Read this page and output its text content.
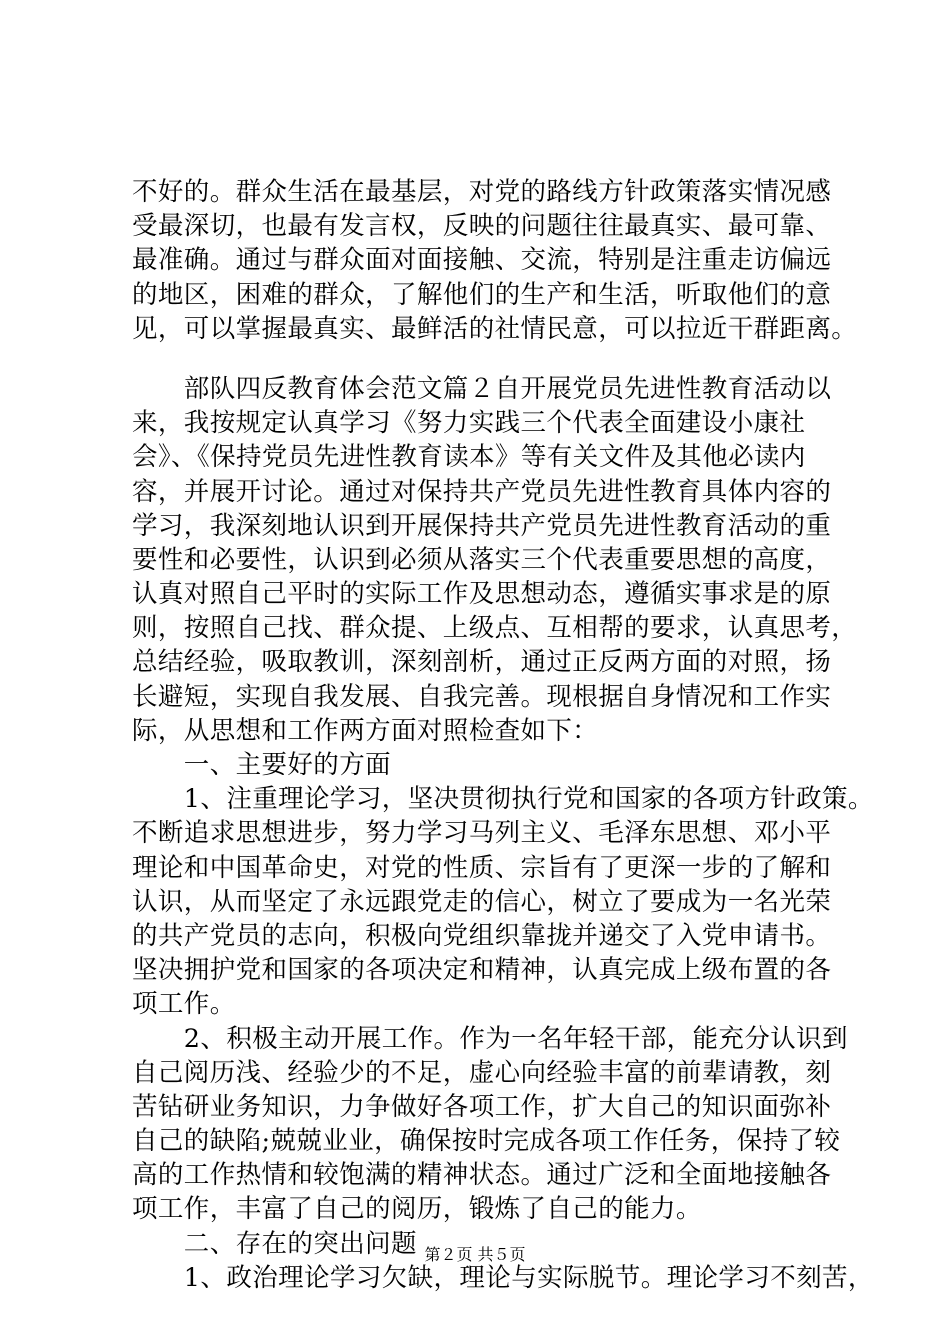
不好的。群众生活在最基层，对党的路线方针政策落实情况感
受最深切，也最有发言权，反映的问题往往最真实、最可靠、
最准确。通过与群众面对面接触、交流，特别是注重走访偏远
的地区，困难的群众，了解他们的生产和生活，听取他们的意
见，可以掌握最真实、最鲜活的社情民意，可以拉近干群距离。
　　部队四反教育体会范文篇２自开展党员先进性教育活动以
来，我按规定认真学习《努力实践三个代表全面建设小康社
会》、《保持党员先进性教育读本》等有关文件及其他必读内
容，并展开讨论。通过对保持共产党员先进性教育具体内容的
学习，我深刻地认识到开展保持共产党员先进性教育活动的重
要性和必要性，认识到必须从落实三个代表重要思想的高度，
认真对照自己平时的实际工作及思想动态，遵循实事求是的原
则，按照自己找、群众提、上级点、互相帮的要求，认真思考，
总结经验，吸取教训，深刻剖析，通过正反两方面的对照，扬
长避短，实现自我发展、自我完善。现根据自身情况和工作实
际，从思想和工作两方面对照检查如下：
　　一、主要好的方面
　　1、注重理论学习，坚决贯彻执行党和国家的各项方针政策。
不断追求思想进步，努力学习马列主义、毛泽东思想、邓小平
理论和中国革命史，对党的性质、宗旨有了更深一步的了解和
认识，从而坚定了永远跟党走的信心，树立了要成为一名光荣
的共产党员的志向，积极向党组织靠拢并递交了入党申请书。
坚决拥护党和国家的各项决定和精神，认真完成上级布置的各
项工作。
　　2、积极主动开展工作。作为一名年轻干部，能充分认识到
自己阅历浅、经验少的不足，虚心向经验丰富的前辈请教，刻
苦钻研业务知识，力争做好各项工作，扩大自己的知识面弥补
自己的缺陷;兢兢业业，确保按时完成各项工作任务，保持了较
高的工作热情和较饱满的精神状态。通过广泛和全面地接触各
项工作，丰富了自己的阅历，锻炼了自己的能力。
　　二、存在的突出问题
　　1、政治理论学习欠缺，理论与实际脱节。理论学习不刻苦，
第２页 共５页
